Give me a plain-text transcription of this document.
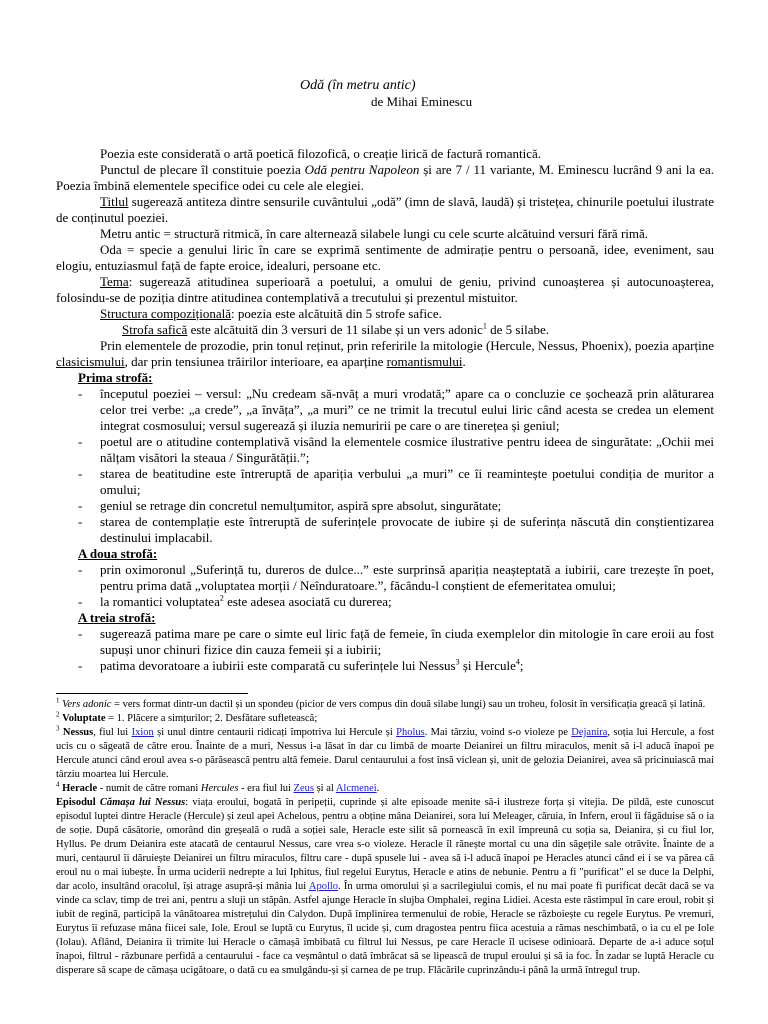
Odă (în metru antic)
de Mihai Eminescu

Poezia este considerată o artă poetică filozofică, o creație lirică de factură romantică.

Punctul de plecare îl constituie poezia Odă pentru Napoleon și are 7 / 11 variante, M. Eminescu lucrând 9 ani la ea. Poezia îmbină elementele specifice odei cu cele ale elegiei.

Titlul sugerează antiteza dintre sensurile cuvântului „odă” (imn de slavă, laudă) și tristețea, chinurile poetului ilustrate de conținutul poeziei.

Metru antic = structură ritmică, în care alternează silabele lungi cu cele scurte alcătuind versuri fără rimă.

Oda = specie a genului liric în care se exprimă sentimente de admirație pentru o persoană, idee, eveniment, sau elogiu, entuziasmul față de fapte eroice, idealuri, persoane etc.

Tema: sugerează atitudinea superioară a poetului, a omului de geniu, privind cunoașterea și autocunoașterea, folosindu-se de poziția dintre atitudinea contemplativă a trecutului și prezentul mistuitor.

Structura compozițională: poezia este alcătuită din 5 strofe safice.

Strofa safică este alcătuită din 3 versuri de 11 silabe și un vers adonic$^1$ de 5 silabe.

Prin elementele de prozodie, prin tonul reținut, prin referirile la mitologie (Hercule, Nessus, Phoenix), poezia aparține clasicismului, dar prin tensiunea trăirilor interioare, ea aparține romantismului.

Prima strofă:

- începutul poeziei – versul: „Nu credeam să-nvăț a muri vrodată;” apare ca o concluzie ce șochează prin alăturarea celor trei verbe: „a crede”, „a învăța”, „a muri” ce ne trimit la trecutul eului liric când acesta se credea un element integrat cosmosului; versul sugerează și iluzia nemuririi pe care o are tinerețea și geniul;
- poetul are o atitudine contemplativă visând la elementele cosmice ilustrative pentru ideea de singurătate: „Ochii mei nălțam visători la steaua / Singurătății.”;
- starea de beatitudine este întreruptă de apariția verbului „a muri” ce îi reamintește poetului condiția de muritor a omului;
- geniul se retrage din concretul nemulțumitor, aspiră spre absolut, singurătate;
- starea de contemplație este întreruptă de suferințele provocate de iubire și de suferința născută din conștientizarea destinului implacabil.

A doua strofă:

- prin oximoronul „Suferință tu, dureros de dulce...” este surprinsă apariția neașteptată a iubirii, care trezește în poet, pentru prima dată „voluptatea morții / Neînduratoare.”, făcându-l conștient de efemeritatea omului;
- la romantici voluptatea$^2$ este adesea asociată cu durerea;

A treia strofă:

- sugerează patima mare pe care o simte eul liric față de femeie, în ciuda exemplelor din mitologie în care eroii au fost supuși unor chinuri fizice din cauza femeii și a iubirii;
- patima devoratoare a iubirii este comparată cu suferințele lui Nessus$^3$ și Hercule$^4$;

$^1$ Vers adonic = vers format dintr-un dactil și un spondeu (picior de vers compus din două silabe lungi) sau un troheu, folosit în versificația greacă și latină.

$^2$ Voluptate = 1. Plăcere a simțurilor; 2. Desfătare sufletească;

$^3$ Nessus, fiul lui Ixion și unul dintre centaurii ridicați împotriva lui Hercule și Pholus. Mai târziu, voind s-o violeze pe Dejanira, soția lui Hercule, a fost ucis cu o săgeată de către erou. Înainte de a muri, Nessus i-a lăsat în dar cu limbă de moarte Deianirei un filtru miraculos, menit să i-l aducă înapoi pe Hercule atunci când eroul avea s-o părăsească pentru altă femeie. Darul centaurului a fost însă viclean și, unit de gelozia Deianirei, avea să pricinuiască mai târziu moartea lui Hercule.

$^4$ Heracle - numit de către romani Hercules - era fiul lui Zeus și al Alcmenei.

Episodul Cămașa lui Nessus: viața eroului, bogată în peripeții, cuprinde și alte episoade menite să-i ilustreze forța și vitejia. De pildă, este cunoscut episodul luptei dintre Heracle (Hercule) și zeul apei Achelous, pentru a obține mâna Deianirei, sora lui Meleager, căruia, în Infern, eroul îi făgăduise să o ia de soție. După căsătorie, omorând din greșeală o rudă a soției sale, Heracle este silit să pornească în exil împreună cu soția sa, Deianira, și cu fiul lor, Hyllus. Pe drum Deianira este atacată de centaurul Nessus, care vrea s-o violeze. Heracle îl rănește mortal cu una din săgețile sale otrăvite. Înainte de a muri, centaurul îi dăruiește Deianirei un filtru miraculos, filtru care - după spusele lui - avea să i-l aducă înapoi pe Heracles atunci când ei i se va părea că eroul nu o mai iubește. În urma uciderii nedrepte a lui Iphitus, fiul regelui Eurytus, Heracle e atins de nebunie. Pentru a fi "purificat" el se duce la Delphi, dar acolo, insultând oracolul, își atrage asupră-și mânia lui Apollo. În urma omorului și a sacrilegiului comis, el nu mai poate fi purificat decât dacă se va vinde ca sclav, timp de trei ani, pentru a sluji un stăpân. Astfel ajunge Heracle în slujba Omphalei, regina Lidiei. Acesta este răstimpul în care eroul, robit și iubit de regină, participă la vânătoarea mistrețului din Calydon. După împlinirea termenului de robie, Heracle se războiește cu regele Eurytus. Pe vremuri, Eurytus îi refuzase mâna fiicei sale, Iole. Eroul se luptă cu Eurytus, îl ucide și, cum dragostea pentru fiica acestuia a rămas neschimbată, o ia cu el pe Iole (Iolau). Aflând, Deianira îi trimite lui Heracle o cămașă îmbibată cu filtrul lui Nessus, pe care Heracle îl ucisese odinioară. Departe de a-i aduce soțul înapoi, filtrul - răzbunare perfidă a centaurului - face ca veșmântul o dată îmbrăcat să se lipească de trupul eroului și să ia foc. În zadar se luptă Heracle cu disperare să scape de cămașa ucigătoare, o dată cu ea smulgându-și și carnea de pe trup. Flăcările cuprinzându-i până la urmă întregul trup.
